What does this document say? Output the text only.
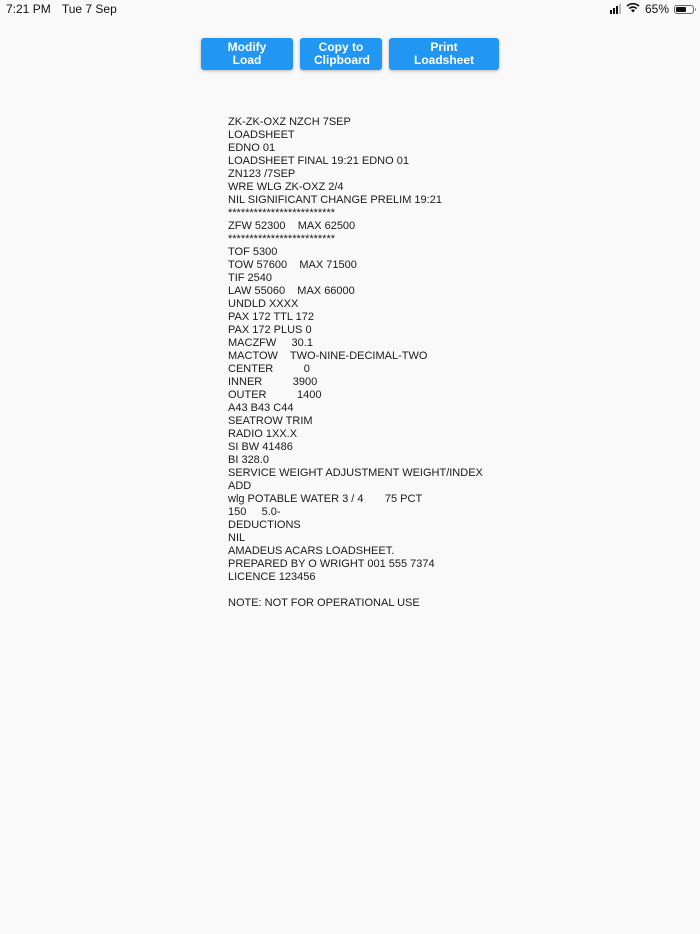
7:21 PM Tue 7 Sep	65%
Modify Load
Copy to
Clipboard
Print Loadsheet
ZK-ZK-OXZ NZCH 7SEP
LOADSHEET
EDNO 01
LOADSHEET FINAL 19:21 EDNO 01
ZN123 /7SEP
WRE WLG ZK-OXZ 2/4
NIL SIGNIFICANT CHANGE PRELIM 19:21
*************************
ZFW 52300    MAX 62500
*************************
TOF 5300
TOW 57600    MAX 71500
TIF 2540
LAW 55060    MAX 66000
UNDLD XXXX
PAX 172 TTL 172
PAX 172 PLUS 0
MACZFW     30.1
MACTOW    TWO-NINE-DECIMAL-TWO
CENTER          0
INNER          3900
OUTER          1400
A43 B43 C44
SEATROW TRIM
RADIO 1XX.X
SI BW 41486
BI 328.0
SERVICE WEIGHT ADJUSTMENT WEIGHT/INDEX
ADD
wlg POTABLE WATER 3 / 4       75 PCT
150     5.0-
DEDUCTIONS
NIL
AMADEUS ACARS LOADSHEET.
PREPARED BY O WRIGHT 001 555 7374
LICENCE 123456
NOTE: NOT FOR OPERATIONAL USE
